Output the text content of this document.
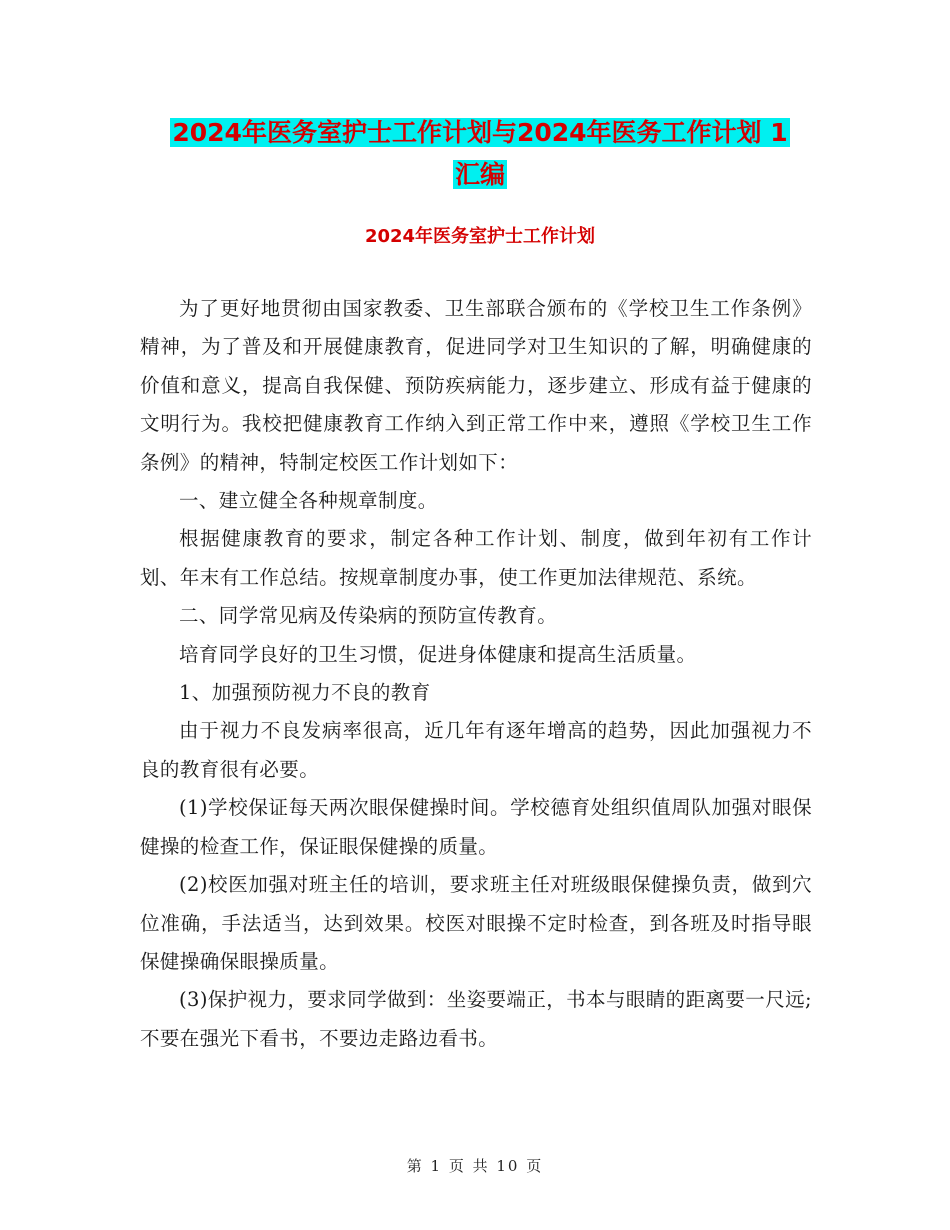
2024年医务室护士工作计划与2024年医务工作计划 1
汇编
2024年医务室护士工作计划

为了更好地贯彻由国家教委、卫生部联合颁布的《学校卫生工作条例》精神，为了普及和开展健康教育，促进同学对卫生知识的了解，明确健康的价值和意义，提高自我保健、预防疾病能力，逐步建立、形成有益于健康的文明行为。我校把健康教育工作纳入到正常工作中来，遵照《学校卫生工作条例》的精神，特制定校医工作计划如下：

一、建立健全各种规章制度。

根据健康教育的要求，制定各种工作计划、制度，做到年初有工作计划、年末有工作总结。按规章制度办事，使工作更加法律规范、系统。

二、同学常见病及传染病的预防宣传教育。

培育同学良好的卫生习惯，促进身体健康和提高生活质量。

1、加强预防视力不良的教育

由于视力不良发病率很高，近几年有逐年增高的趋势，因此加强视力不良的教育很有必要。

(1)学校保证每天两次眼保健操时间。学校德育处组织值周队加强对眼保健操的检查工作，保证眼保健操的质量。

(2)校医加强对班主任的培训，要求班主任对班级眼保健操负责，做到穴位准确，手法适当，达到效果。校医对眼操不定时检查，到各班及时指导眼保健操确保眼操质量。

(3)保护视力，要求同学做到：坐姿要端正，书本与眼睛的距离要一尺远;不要在强光下看书，不要边走路边看书。

第 1 页 共 10 页
